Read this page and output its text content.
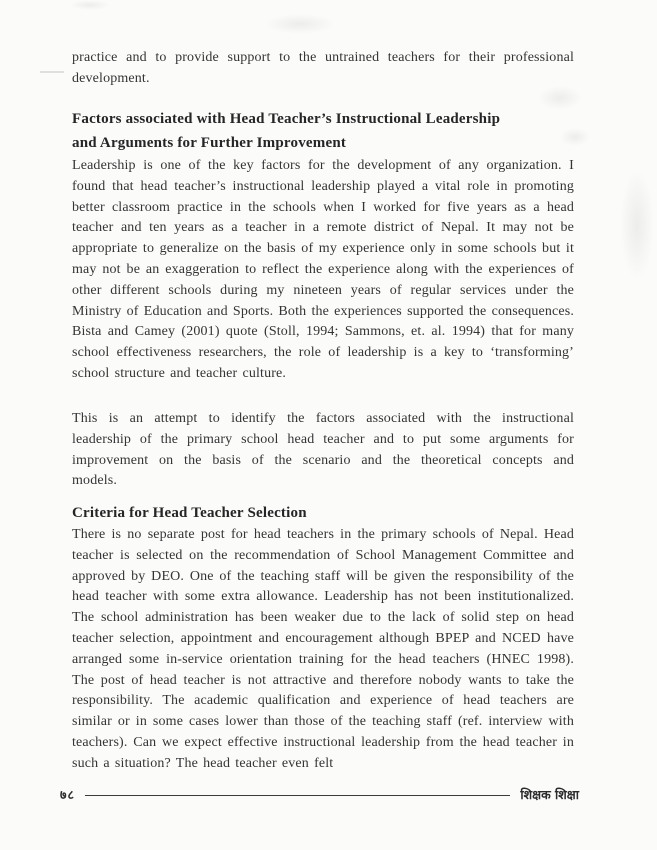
practice and to provide support to the untrained teachers for their professional development.

Factors associated with Head Teacher’s Instructional Leadership
and Arguments for Further Improvement

Leadership is one of the key factors for the development of any organization. I found that head teacher’s instructional leadership played a vital role in promoting better classroom practice in the schools when I worked for five years as a head teacher and ten years as a teacher in a remote district of Nepal. It may not be appropriate to generalize on the basis of my experience only in some schools but it may not be an exaggeration to reflect the experience along with the experiences of other different schools during my nineteen years of regular services under the Ministry of Education and Sports. Both the experiences supported the consequences. Bista and Camey (2001) quote (Stoll, 1994; Sammons, et. al. 1994) that for many school effectiveness researchers, the role of leadership is a key to ‘transforming’ school structure and teacher culture.

This is an attempt to identify the factors associated with the instructional leadership of the primary school head teacher and to put some arguments for improvement on the basis of the scenario and the theoretical concepts and models.

Criteria for Head Teacher Selection

There is no separate post for head teachers in the primary schools of Nepal. Head teacher is selected on the recommendation of School Management Committee and approved by DEO. One of the teaching staff will be given the responsibility of the head teacher with some extra allowance. Leadership has not been institutionalized. The school administration has been weaker due to the lack of solid step on head teacher selection, appointment and encouragement although BPEP and NCED have arranged some in-service orientation training for the head teachers (HNEC 1998). The post of head teacher is not attractive and therefore nobody wants to take the responsibility. The academic qualification and experience of head teachers are similar or in some cases lower than those of the teaching staff (ref. interview with teachers). Can we expect effective instructional leadership from the head teacher in such a situation? The head teacher even felt

७८	शिक्षक शिक्षा
